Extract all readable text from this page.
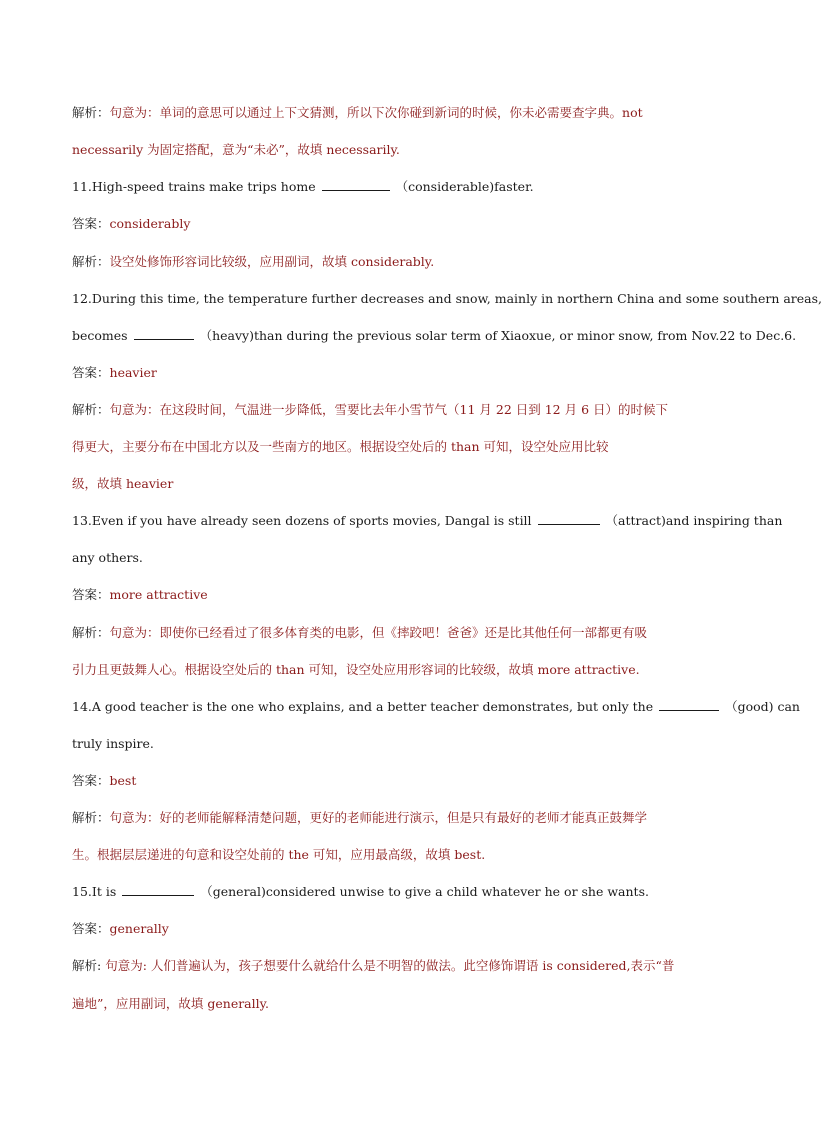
解析：句意为：单词的意思可以通过上下文猜测，所以下次你碰到新词的时候，你未必需要查字典。not
necessarily 为固定搭配，意为“未必”，故填 necessarily.
11.High-speed trains make trips home	（considerable)faster.
答案：considerably
解析：设空处修饰形容词比较级，应用副词，故填 considerably.
12.During this time, the temperature further decreases and snow, mainly in northern China and some southern areas,
becomes	（heavy)than during the previous solar term of Xiaoxue, or minor snow, from Nov.22 to Dec.6.
答案：heavier
解析：句意为：在这段时间，气温进一步降低，雪要比去年小雪节气（11 月 22 日到 12 月 6 日）的时候下
得更大，主要分布在中国北方以及一些南方的地区。根据设空处后的 than 可知，设空处应用比较
级，故填 heavier
13.Even if you have already seen dozens of sports movies, Dangal is still	（attract)and inspiring than
any others.
答案：more attractive
解析：句意为：即使你已经看过了很多体育类的电影，但《摔跤吧！爸爸》还是比其他任何一部都更有吸
引力且更鼓舞人心。根据设空处后的 than 可知，设空处应用形容词的比较级，故填 more attractive.
14.A good teacher is the one who explains, and a better teacher demonstrates, but only the	（good) can
truly inspire.
答案：best
解析：句意为：好的老师能解释清楚问题，更好的老师能进行演示，但是只有最好的老师才能真正鼓舞学
生。根据层层递进的句意和设空处前的 the 可知，应用最高级，故填 best.
15.It is	（general)considered unwise to give a child whatever he or she wants.
答案：generally
解析: 句意为: 人们普遍认为，孩子想要什么就给什么是不明智的做法。此空修饰谓语 is considered,表示“普
遍地”，应用副词，故填 generally.
